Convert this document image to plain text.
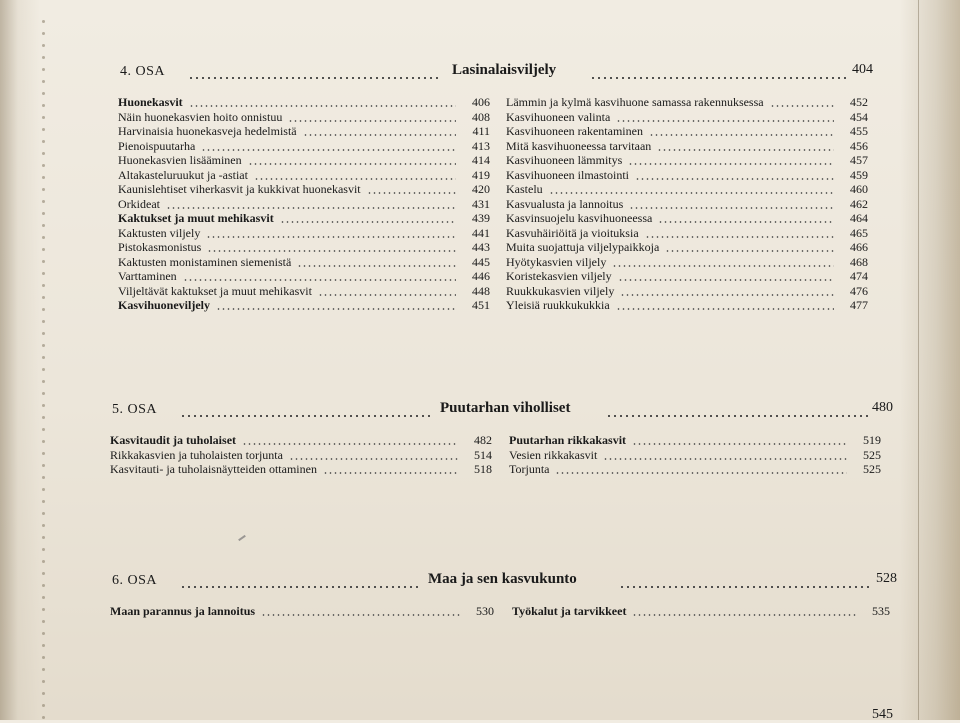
4. OSA	Lasinalaisviljely	404
Huonekasvit	406
Näin huonekasvien hoito onnistuu	408
Harvinaisia huonekasveja hedelmistä	411
Pienoispuutarha	413
Huonekasvien lisääminen	414
Altakasteluruukut ja -astiat	419
Kaunislehtiset viherkasvit ja kukkivat huonekasvit	420
Orkideat	431
Kaktukset ja muut mehikasvit	439
Kaktusten viljely	441
Pistokasmonistus	443
Kaktusten monistaminen siemenistä	445
Varttaminen	446
Viljeltävät kaktukset ja muut mehikasvit	448
Kasvihuoneviljely	451
Lämmin ja kylmä kasvihuone samassa rakennuksessa	452
Kasvihuoneen valinta	454
Kasvihuoneen rakentaminen	455
Mitä kasvihuoneessa tarvitaan	456
Kasvihuoneen lämmitys	457
Kasvihuoneen ilmastointi	459
Kastelu	460
Kasvualusta ja lannoitus	462
Kasvinsuojelu kasvihuoneessa	464
Kasvuhäiriöitä ja vioituksia	465
Muita suojattuja viljelypaikkoja	466
Hyötykasvien viljely	468
Koristekasvien viljely	474
Ruukkukasvien viljely	476
Yleisiä ruukkukukkia	477
5. OSA	Puutarhan viholliset	480
Kasvitaudit ja tuholaiset	482
Rikkakasvien ja tuholaisten torjunta	514
Kasvitauti- ja tuholaisnäytteiden ottaminen	518
Puutarhan rikkakasvit	519
Vesien rikkakasvit	525
Torjunta	525
6. OSA	Maa ja sen kasvukunto	528
Maan parannus ja lannoitus	530 Työkalut ja tarvikkeet	535
545
